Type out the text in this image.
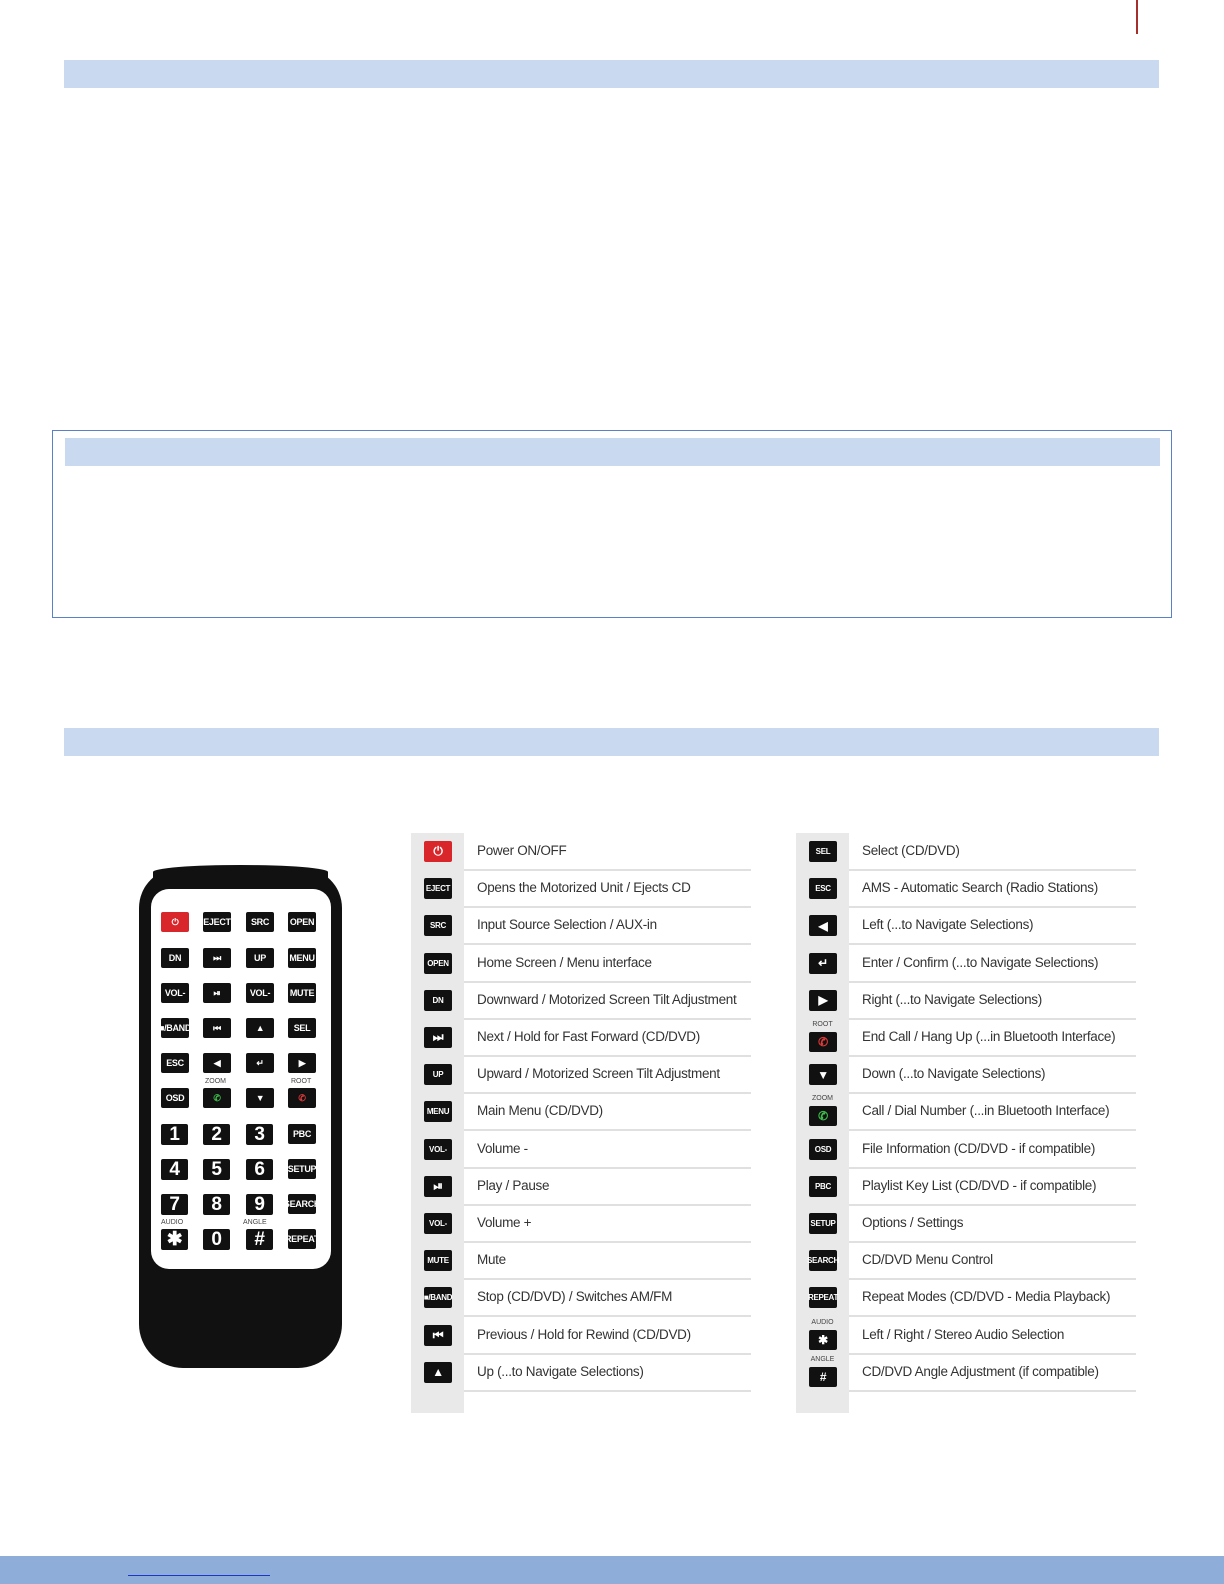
⏻	EJECT	SRC	OPEN
DN	⏭	UP	MENU
VOL-	⏯	VOL-	MUTE
■/BAND	⏮	▲	SEL
ESC	◀	↵	▶
OSD	✆	▼	✆
1	2	3	PBC
4	5	6	SETUP
7	8	9	SEARCH
✱	0	#	REPEAT
ZOOM	ROOT
AUDIO	ANGLE
⏻	Power ON/OFF
EJECT Opens the Motorized Unit / Ejects CD
SRC	Input Source Selection / AUX-in
OPEN Home Screen / Menu interface
DN	Downward / Motorized Screen Tilt Adjustment
⏭	Next / Hold for Fast Forward (CD/DVD)
UP	Upward / Motorized Screen Tilt Adjustment
MENU Main Menu (CD/DVD)
VOL-	Volume -
⏯	Play / Pause
VOL-	Volume +
MUTE Mute
■/BAND Stop (CD/DVD) / Switches AM/FM
⏮	Previous / Hold for Rewind (CD/DVD)
▲	Up (...to Navigate Selections)
SEL	Select (CD/DVD)
ESC	AMS - Automatic Search (Radio Stations)
◀	Left (...to Navigate Selections)
↵	Enter / Confirm (...to Navigate Selections)
▶	Right (...to Navigate Selections)
ROOT
✆	End Call / Hang Up (...in Bluetooth Interface)
▼	Down (...to Navigate Selections)
ZOOM
✆	Call / Dial Number (...in Bluetooth Interface)
OSD	File Information (CD/DVD - if compatible)
PBC	Playlist Key List (CD/DVD - if compatible)
SETUP Options / Settings
SEARCH CD/DVD Menu Control
REPEAT Repeat Modes (CD/DVD - Media Playback)
AUDIO
✱	Left / Right / Stereo Audio Selection
ANGLE
#	CD/DVD Angle Adjustment (if compatible)
